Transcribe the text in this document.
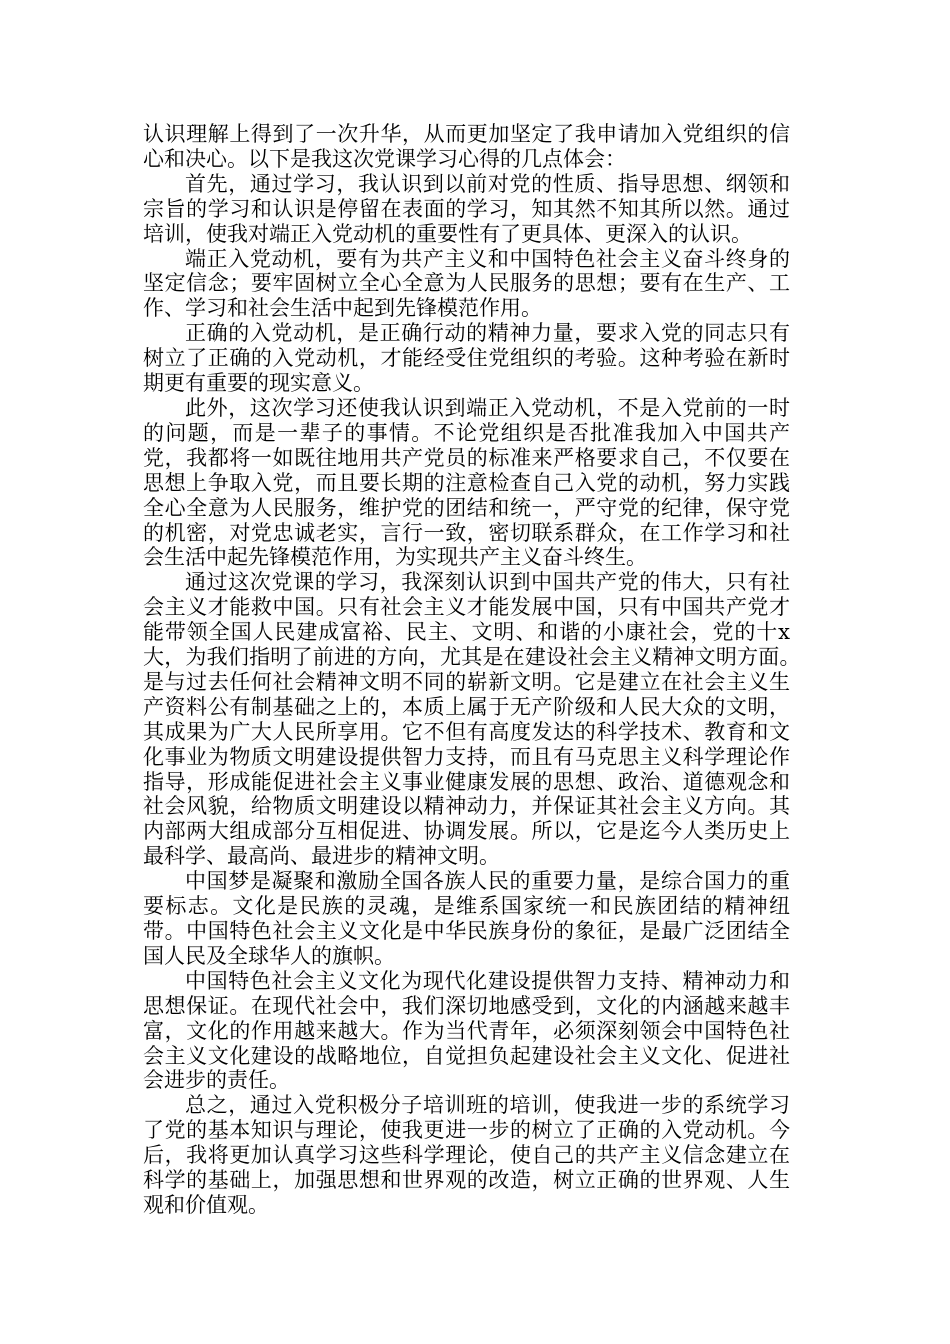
认识理解上得到了一次升华，从而更加坚定了我申请加入党组织的信心和决心。以下是我这次党课学习心得的几点体会：

首先，通过学习，我认识到以前对党的性质、指导思想、纲领和宗旨的学习和认识是停留在表面的学习，知其然不知其所以然。通过培训，使我对端正入党动机的重要性有了更具体、更深入的认识。

端正入党动机，要有为共产主义和中国特色社会主义奋斗终身的坚定信念；要牢固树立全心全意为人民服务的思想；要有在生产、工作、学习和社会生活中起到先锋模范作用。

正确的入党动机，是正确行动的精神力量，要求入党的同志只有树立了正确的入党动机，才能经受住党组织的考验。这种考验在新时期更有重要的现实意义。

此外，这次学习还使我认识到端正入党动机，不是入党前的一时的问题，而是一辈子的事情。不论党组织是否批准我加入中国共产党，我都将一如既往地用共产党员的标准来严格要求自己，不仅要在思想上争取入党，而且要长期的注意检查自己入党的动机，努力实践全心全意为人民服务，维护党的团结和统一，严守党的纪律，保守党的机密，对党忠诚老实，言行一致，密切联系群众，在工作学习和社会生活中起先锋模范作用，为实现共产主义奋斗终生。

通过这次党课的学习，我深刻认识到中国共产党的伟大，只有社会主义才能救中国。只有社会主义才能发展中国，只有中国共产党才能带领全国人民建成富裕、民主、文明、和谐的小康社会，党的十x大，为我们指明了前进的方向，尤其是在建设社会主义精神文明方面。　　　是与过去任何社会精神文明不同的崭新文明。它是建立在社会主义生产资料公有制基础之上的，本质上属于无产阶级和人民大众的文明，其成果为广大人民所享用。它不但有高度发达的科学技术、教育和文化事业为物质文明建设提供智力支持，而且有马克思主义科学理论作指导，形成能促进社会主义事业健康发展的思想、政治、道德观念和社会风貌，给物质文明建设以精神动力，并保证其社会主义方向。其内部两大组成部分互相促进、协调发展。所以，它是迄今人类历史上最科学、最高尚、最进步的精神文明。

中国梦是凝聚和激励全国各族人民的重要力量，是综合国力的重要标志。文化是民族的灵魂，是维系国家统一和民族团结的精神纽带。中国特色社会主义文化是中华民族身份的象征，是最广泛团结全国人民及全球华人的旗帜。

中国特色社会主义文化为现代化建设提供智力支持、精神动力和思想保证。在现代社会中，我们深切地感受到，文化的内涵越来越丰富，文化的作用越来越大。作为当代青年，必须深刻领会中国特色社会主义文化建设的战略地位，自觉担负起建设社会主义文化、促进社会进步的责任。

总之，通过入党积极分子培训班的培训，使我进一步的系统学习了党的基本知识与理论，使我更进一步的树立了正确的入党动机。今后，我将更加认真学习这些科学理论，使自己的共产主义信念建立在科学的基础上，加强思想和世界观的改造，树立正确的世界观、人生观和价值观。
